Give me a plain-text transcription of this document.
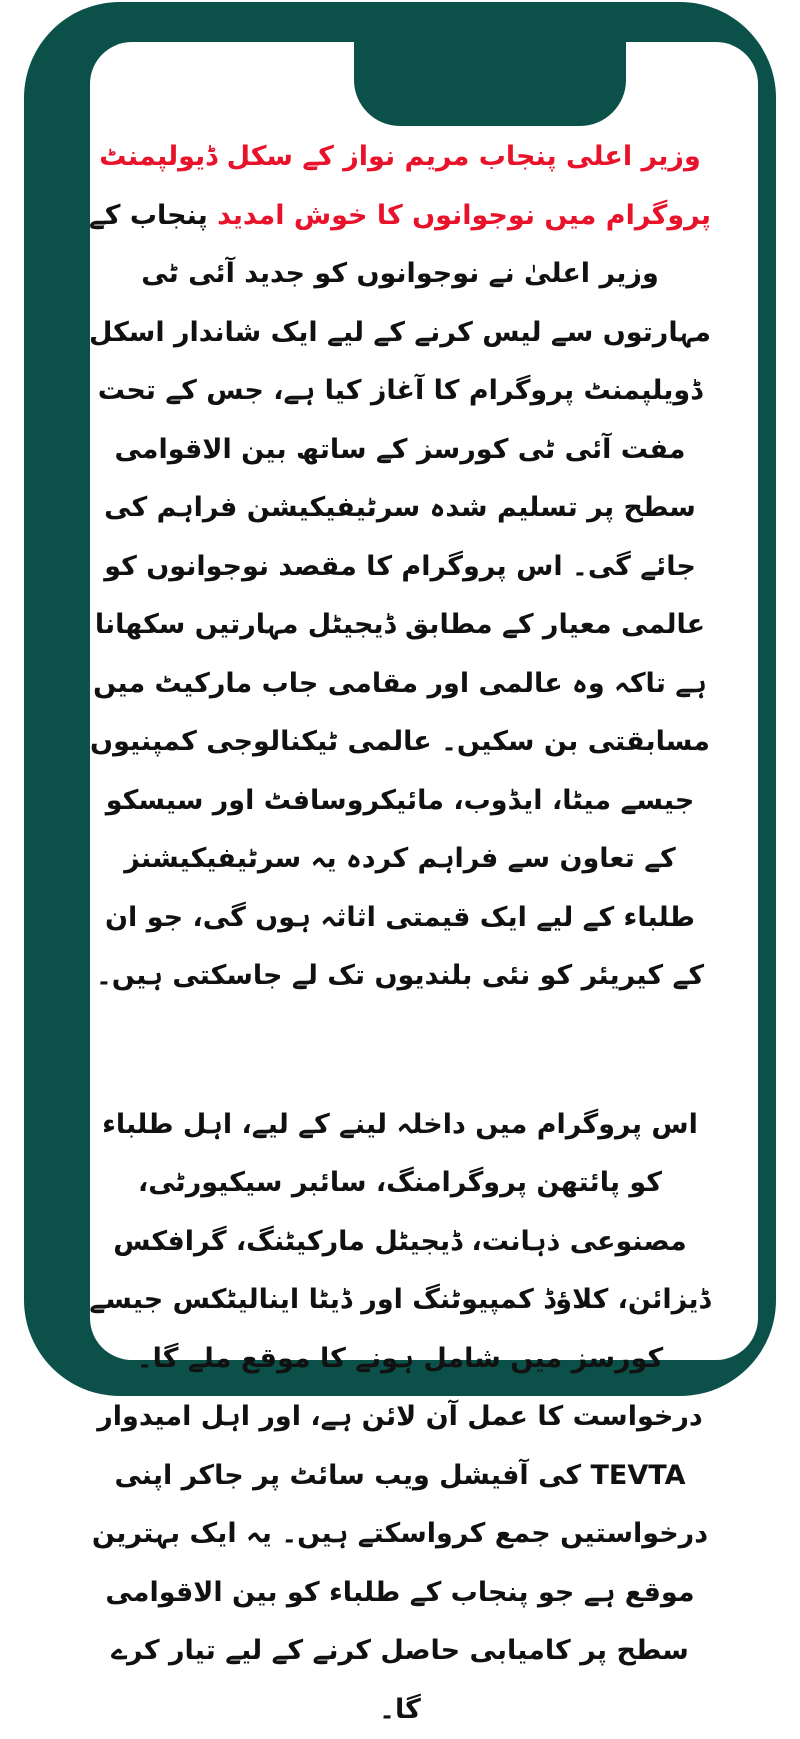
وزیر اعلی پنجاب مریم نواز کے سکل ڈیولپمنٹ پروگرام میں نوجوانوں کا خوش امدید پنجاب کے وزیر اعلیٰ نے نوجوانوں کو جدید آئی ٹی مہارتوں سے لیس کرنے کے لیے ایک شاندار اسکل ڈویلپمنٹ پروگرام کا آغاز کیا ہے، جس کے تحت مفت آئی ٹی کورسز کے ساتھ بین الاقوامی سطح پر تسلیم شدہ سرٹیفیکیشن فراہم کی جائے گی۔ اس پروگرام کا مقصد نوجوانوں کو عالمی معیار کے مطابق ڈیجیٹل مہارتیں سکھانا ہے تاکہ وہ عالمی اور مقامی جاب مارکیٹ میں مسابقتی بن سکیں۔ عالمی ٹیکنالوجی کمپنیوں جیسے میٹا، ایڈوب، مائیکروسافٹ اور سیسکو کے تعاون سے فراہم کردہ یہ سرٹیفیکیشنز طلباء کے لیے ایک قیمتی اثاثہ ہوں گی، جو ان کے کیریئر کو نئی بلندیوں تک لے جاسکتی ہیں۔

اس پروگرام میں داخلہ لینے کے لیے، اہل طلباء کو پائتھن پروگرامنگ، سائبر سیکیورٹی، مصنوعی ذہانت، ڈیجیٹل مارکیٹنگ، گرافکس ڈیزائن، کلاؤڈ کمپیوٹنگ اور ڈیٹا اینالیٹکس جیسے کورسز میں شامل ہونے کا موقع ملے گا۔ درخواست کا عمل آن لائن ہے، اور اہل امیدوار TEVTA کی آفیشل ویب سائٹ پر جاکر اپنی درخواستیں جمع کرواسکتے ہیں۔ یہ ایک بہترین موقع ہے جو پنجاب کے طلباء کو بین الاقوامی سطح پر کامیابی حاصل کرنے کے لیے تیار کرے گا۔
